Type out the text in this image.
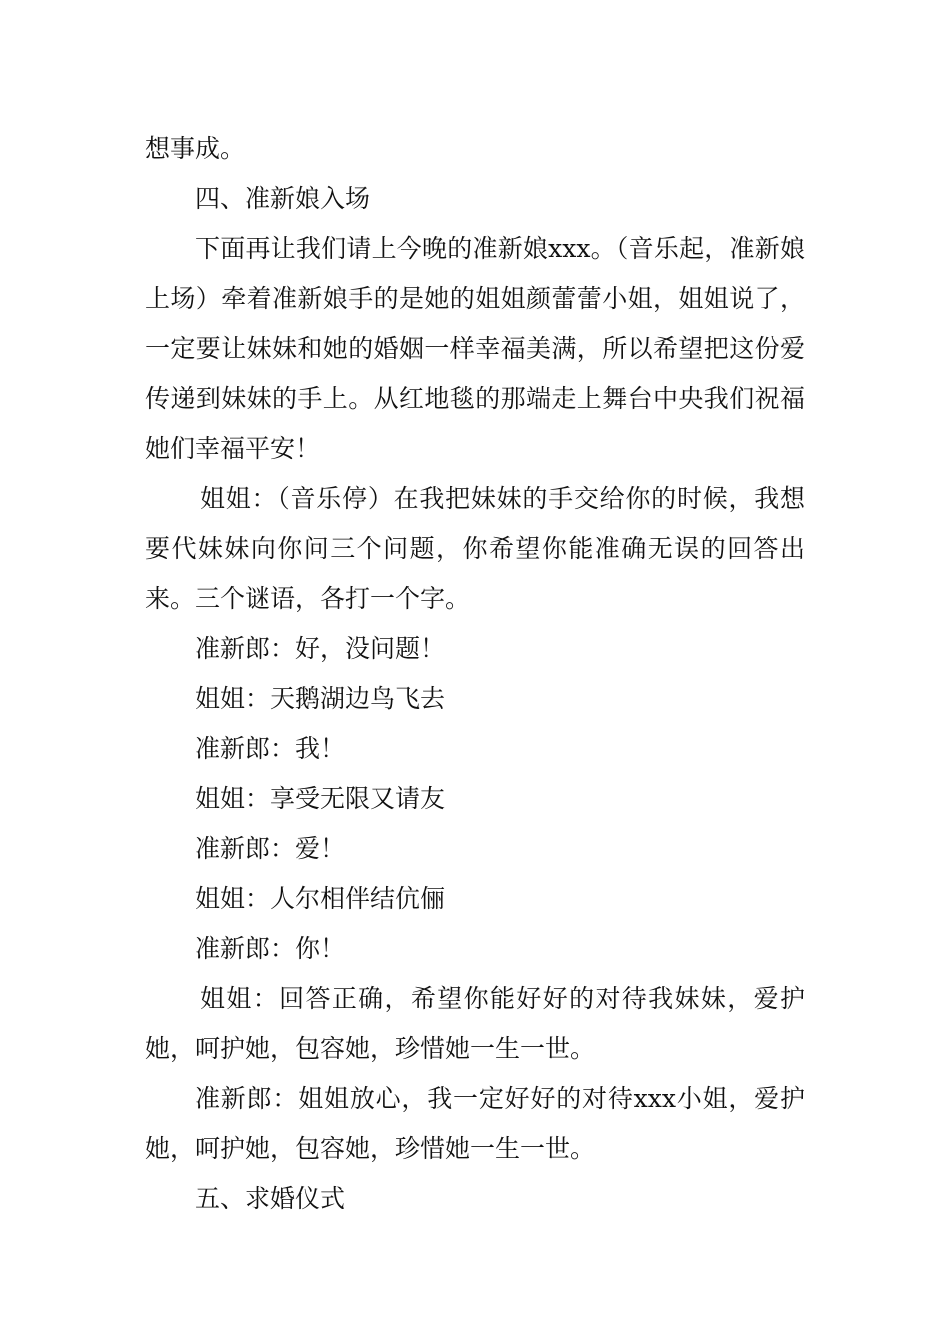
想事成。

四、准新娘入场

下面再让我们请上今晚的准新娘xxx。（音乐起，准新娘上场）牵着准新娘手的是她的姐姐颜蕾蕾小姐，姐姐说了，一定要让妹妹和她的婚姻一样幸福美满，所以希望把这份爱传递到妹妹的手上。从红地毯的那端走上舞台中央我们祝福她们幸福平安！

姐姐：（音乐停）在我把妹妹的手交给你的时候，我想要代妹妹向你问三个问题，你希望你能准确无误的回答出来。三个谜语，各打一个字。

准新郎：好，没问题！

姐姐：天鹅湖边鸟飞去

准新郎：我！

姐姐：享受无限又请友

准新郎：爱！

姐姐：人尔相伴结伉俪

准新郎：你！

姐姐：回答正确，希望你能好好的对待我妹妹，爱护她，呵护她，包容她，珍惜她一生一世。

准新郎：姐姐放心，我一定好好的对待xxx小姐，爱护她，呵护她，包容她，珍惜她一生一世。

五、求婚仪式
